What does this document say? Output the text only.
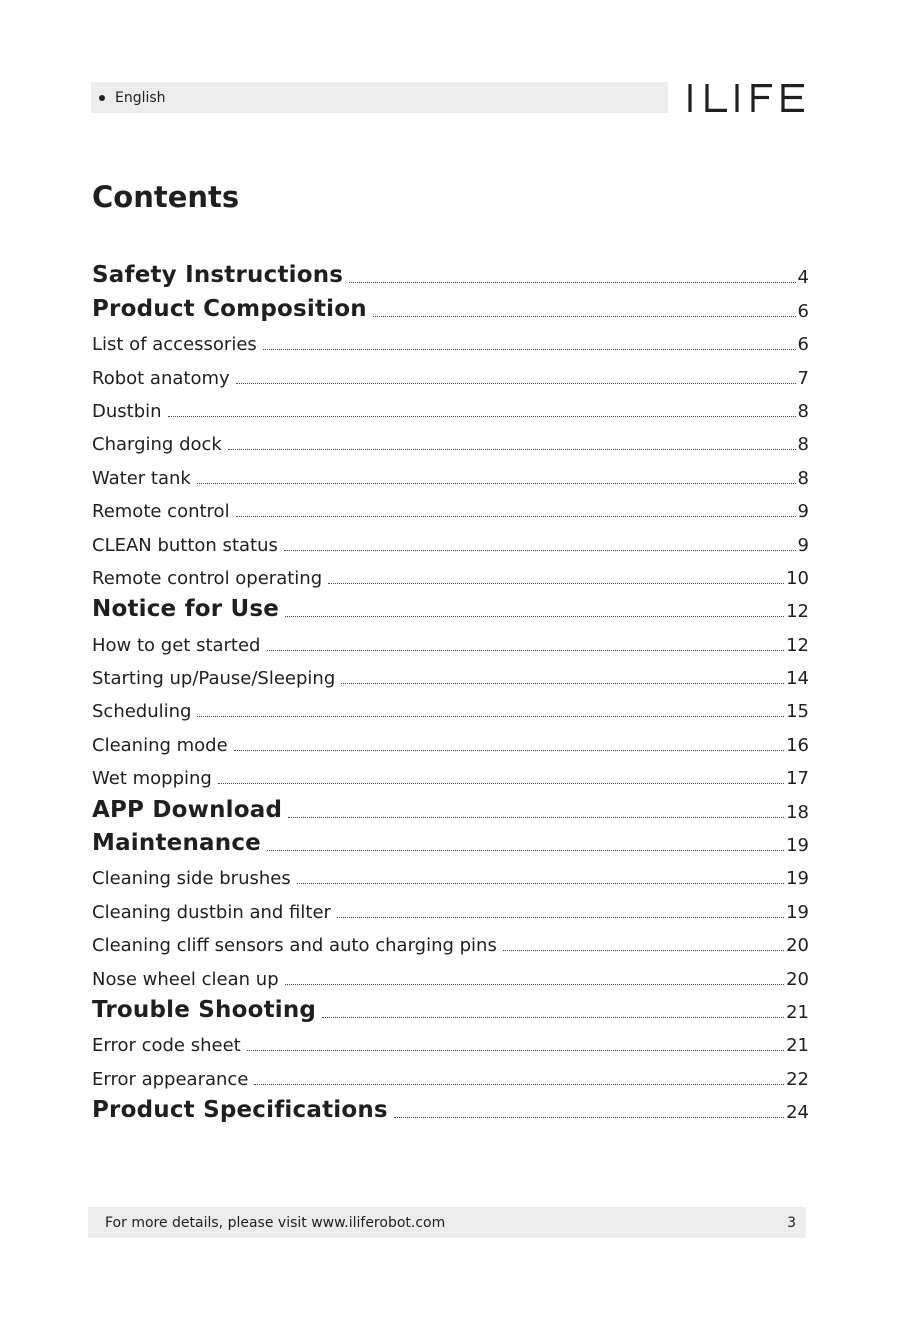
English
Contents
Safety Instructions	4
Product Composition	6
List of accessories	6
Robot anatomy	7
Dustbin	8
Charging dock	8
Water tank	8
Remote control	9
CLEAN button status	9
Remote control operating	10
Notice for Use	12
How to get started	12
Starting up/Pause/Sleeping	14
Scheduling	15
Cleaning mode	16
Wet mopping	17
APP Download	18
Maintenance	19
Cleaning side brushes	19
Cleaning dustbin and filter	19
Cleaning cliff sensors and auto charging pins	20
Nose wheel clean up	20
Trouble Shooting	21
Error code sheet	21
Error appearance	22
Product Specifications	24
For more details, please visit www.iliferobot.com	3
